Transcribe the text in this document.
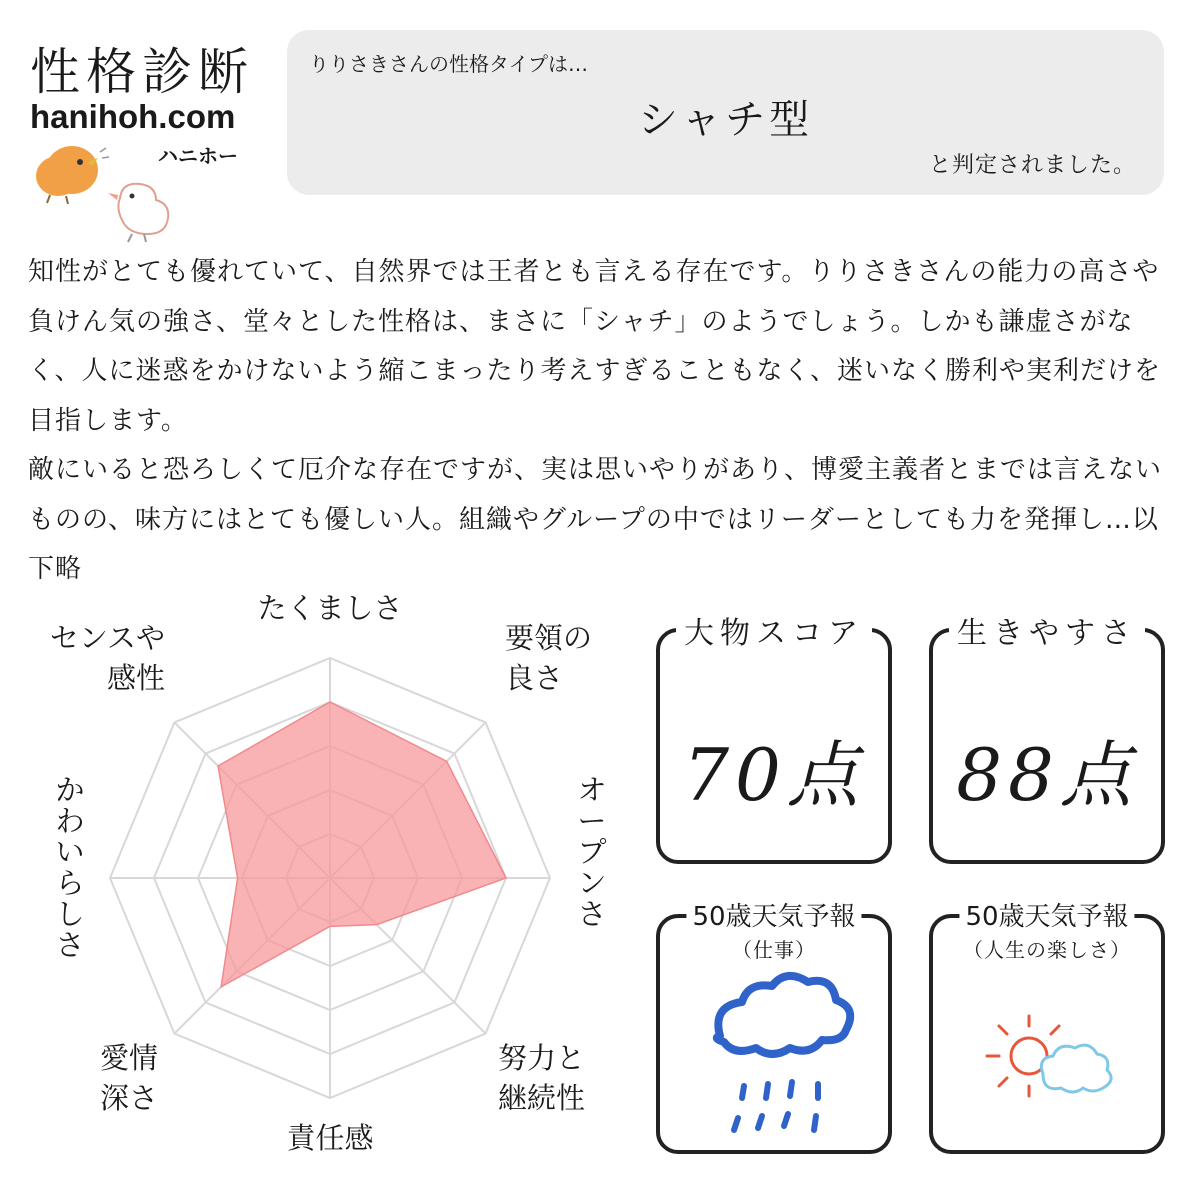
性格診断
hanihoh.com
ハニホー
りりさきさんの性格タイプは…
シャチ型
と判定されました。

知性がとても優れていて、自然界では王者とも言える存在です。りりさきさんの能力の高さや負けん気の強さ、堂々とした性格は、まさに「シャチ」のようでしょう。しかも謙虚さがなく、人に迷惑をかけないよう縮こまったり考えすぎることもなく、迷いなく勝利や実利だけを目指します。

敵にいると恐ろしくて厄介な存在ですが、実は思いやりがあり、博愛主義者とまでは言えないものの、味方にはとても優しい人。組織やグループの中ではリーダーとしても力を発揮し…以下略

たくましさ
要領の良さ
オープンさ
努力と継続性
責任感
愛情深さ
かわいらしさ
センスや感性
大物スコア
70点
生きやすさ
88点
50歳天気予報
（仕事）
50歳天気予報
（人生の楽しさ）
